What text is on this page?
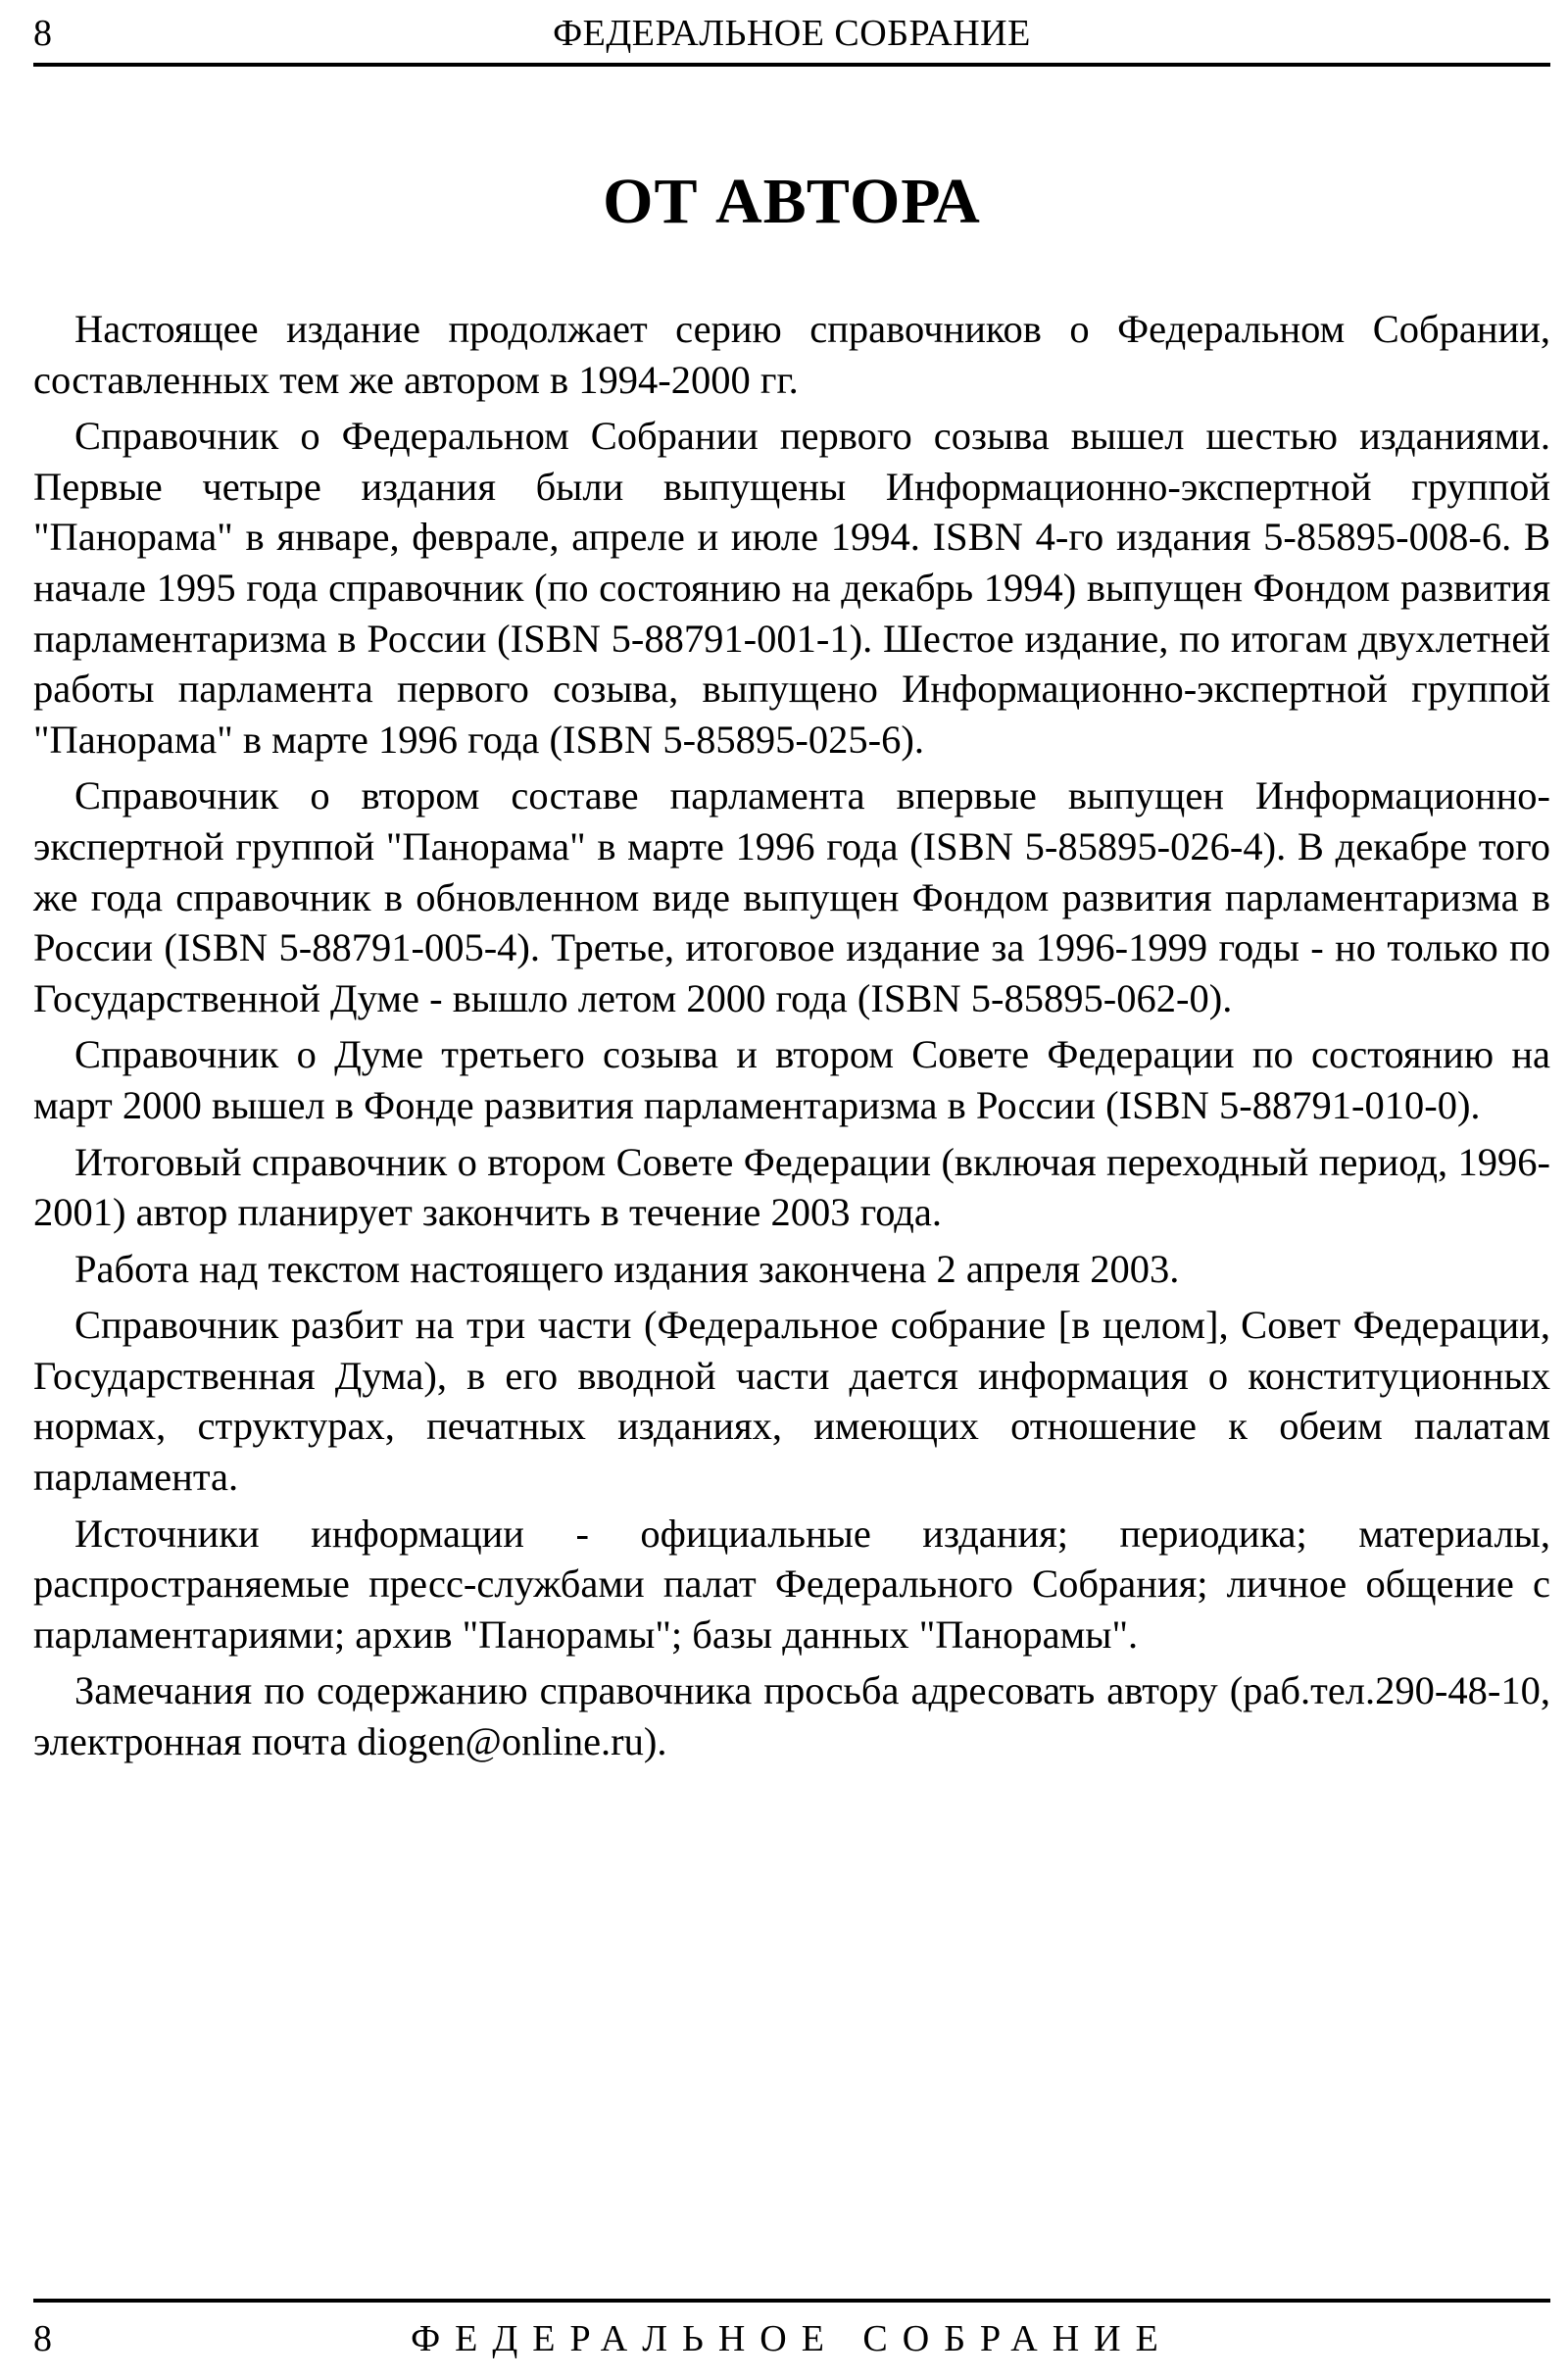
8	ФЕДЕРАЛЬНОЕ СОБРАНИЕ
ОТ АВТОРА

Настоящее издание продолжает серию справочников о Федеральном Собрании, составленных тем же автором в 1994-2000 гг.

Справочник о Федеральном Собрании первого созыва вышел шестью изданиями. Первые четыре издания были выпущены Информационно-экспертной группой "Панорама" в январе, феврале, апреле и июле 1994. ISBN 4-го издания 5-85895-008-6. В начале 1995 года справочник (по состоянию на декабрь 1994) выпущен Фондом развития парламентаризма в России (ISBN 5-88791-001-1). Шестое издание, по итогам двухлетней работы парламента первого созыва, выпущено Информационно-экспертной группой "Панорама" в марте 1996 года (ISBN 5-85895-025-6).

Справочник о втором составе парламента впервые выпущен Информационно-экспертной группой "Панорама" в марте 1996 года (ISBN 5-85895-026-4). В декабре того же года справочник в обновленном виде выпущен Фондом развития парламентаризма в России (ISBN 5-88791-005-4). Третье, итоговое издание за 1996-1999 годы - но только по Государственной Думе - вышло летом 2000 года (ISBN 5-85895-062-0).

Справочник о Думе третьего созыва и втором Совете Федерации по состоянию на март 2000 вышел в Фонде развития парламентаризма в России (ISBN 5-88791-010-0).

Итоговый справочник о втором Совете Федерации (включая переходный период, 1996-2001) автор планирует закончить в течение 2003 года.

Работа над текстом настоящего издания закончена 2 апреля 2003.

Справочник разбит на три части (Федеральное собрание [в целом], Совет Федерации, Государственная Дума), в его вводной части дается информация о конституционных нормах, структурах, печатных изданиях, имеющих отношение к обеим палатам парламента.

Источники информации - официальные издания; периодика; материалы, распространяемые пресс-службами палат Федерального Собрания; личное общение с парламентариями; архив "Панорамы"; базы данных "Панорамы".

Замечания по содержанию справочника просьба адресовать автору (раб.тел.290-48-10, электронная почта diogen@online.ru).

8	ФЕДЕРАЛЬНОЕ СОБРАНИЕ
